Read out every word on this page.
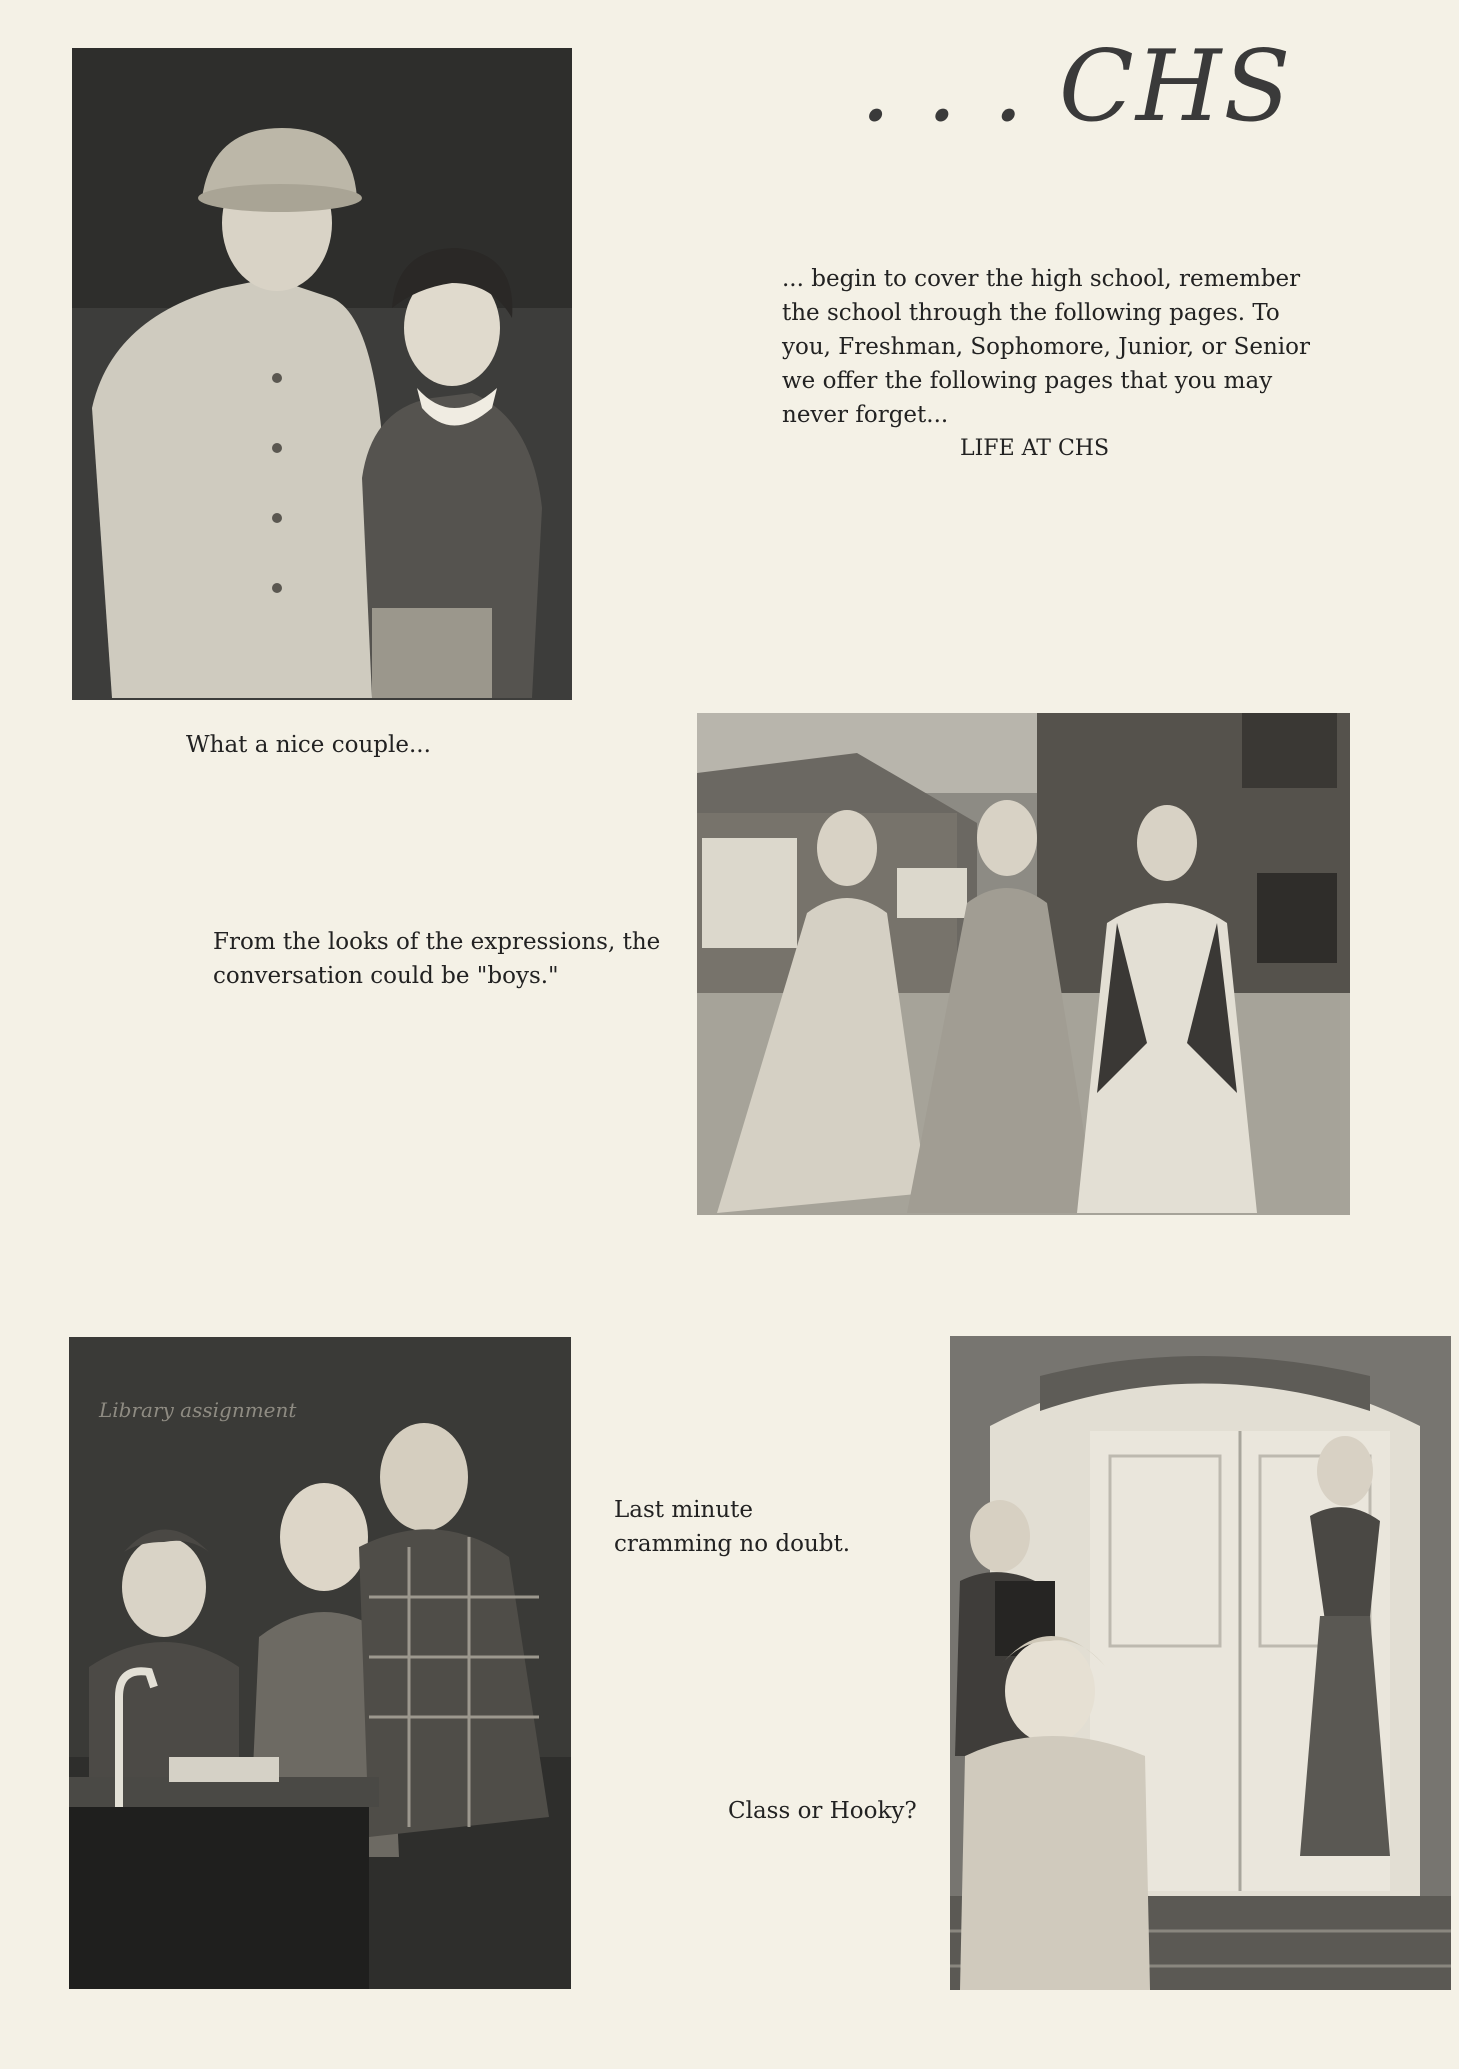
. . . CHS
... begin to cover the high school, remember the school through the following pages. To you, Freshman, Sophomore, Junior, or Senior we offer the following pages that you may never forget...
LIFE AT CHS
What a nice couple...
From the looks of the expressions, the conversation could be "boys."
Library assignment
Last minute cramming no doubt.
Class or Hooky?
